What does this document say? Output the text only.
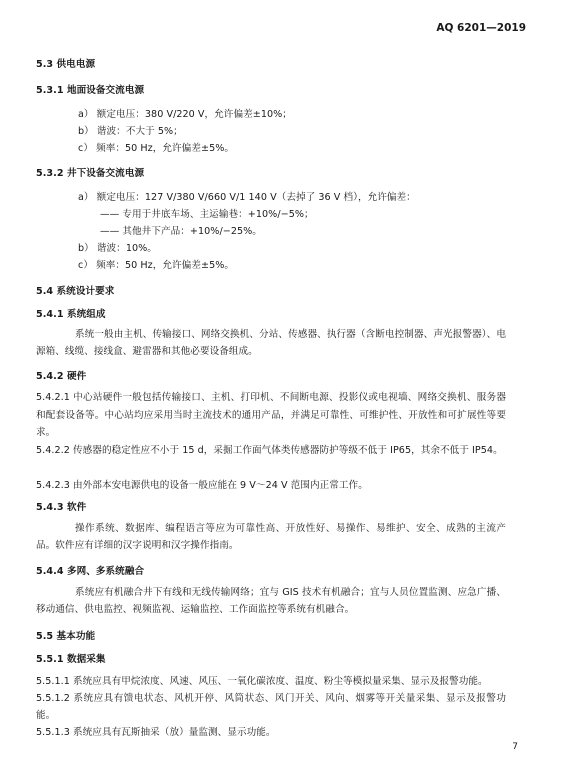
AQ 6201—2019
5.3 供电电源
5.3.1 地面设备交流电源
a） 额定电压：380 V/220 V，允许偏差±10%；
b） 谐波：不大于 5%；
c） 频率：50 Hz，允许偏差±5%。
5.3.2 井下设备交流电源
a） 额定电压：127 V/380 V/660 V/1 140 V（去掉了 36 V 档），允许偏差：
—— 专用于井底车场、主运输巷：+10%/−5%；
—— 其他井下产品：+10%/−25%。
b） 谐波：10%。
c） 频率：50 Hz，允许偏差±5%。
5.4 系统设计要求
5.4.1 系统组成
系统一般由主机、传输接口、网络交换机、分站、传感器、执行器（含断电控制器、声光报警器）、电源箱、线缆、接线盒、避雷器和其他必要设备组成。
5.4.2 硬件
5.4.2.1 中心站硬件一般包括传输接口、主机、打印机、不间断电源、投影仪或电视墙、网络交换机、服务器和配套设备等。中心站均应采用当时主流技术的通用产品，并满足可靠性、可维护性、开放性和可扩展性等要求。
5.4.2.2 传感器的稳定性应不小于 15 d，采掘工作面气体类传感器防护等级不低于 IP65，其余不低于 IP54。
5.4.2.3 由外部本安电源供电的设备一般应能在 9 V～24 V 范围内正常工作。
5.4.3 软件
操作系统、数据库、编程语言等应为可靠性高、开放性好、易操作、易维护、安全、成熟的主流产品。软件应有详细的汉字说明和汉字操作指南。
5.4.4 多网、多系统融合
系统应有机融合井下有线和无线传输网络；宜与 GIS 技术有机融合；宜与人员位置监测、应急广播、移动通信、供电监控、视频监视、运输监控、工作面监控等系统有机融合。
5.5 基本功能
5.5.1 数据采集
5.5.1.1 系统应具有甲烷浓度、风速、风压、一氧化碳浓度、温度、粉尘等模拟量采集、显示及报警功能。
5.5.1.2 系统应具有馈电状态、风机开停、风筒状态、风门开关、风向、烟雾等开关量采集、显示及报警功能。
5.5.1.3 系统应具有瓦斯抽采（放）量监测、显示功能。
7
